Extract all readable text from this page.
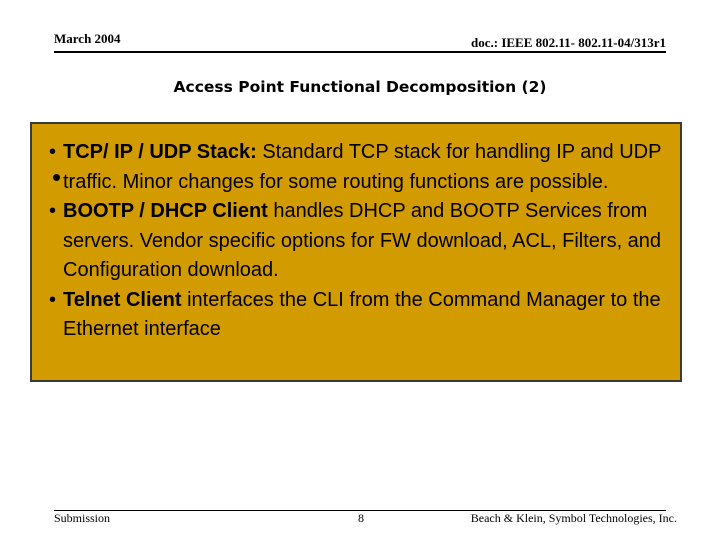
March 2004	doc.: IEEE 802.11- 802.11-04/313r1
Access Point Functional Decomposition (2)
•
• TCP/ IP / UDP Stack: Standard TCP stack for handling IP and UDP traffic. Minor changes for some routing functions are possible.
• BOOTP / DHCP Client handles DHCP and BOOTP Services from servers. Vendor specific options for FW download, ACL, Filters, and Configuration download.
• Telnet Client interfaces the CLI from the Command Manager to the Ethernet interface
Submission	8	Beach & Klein, Symbol Technologies, Inc.
